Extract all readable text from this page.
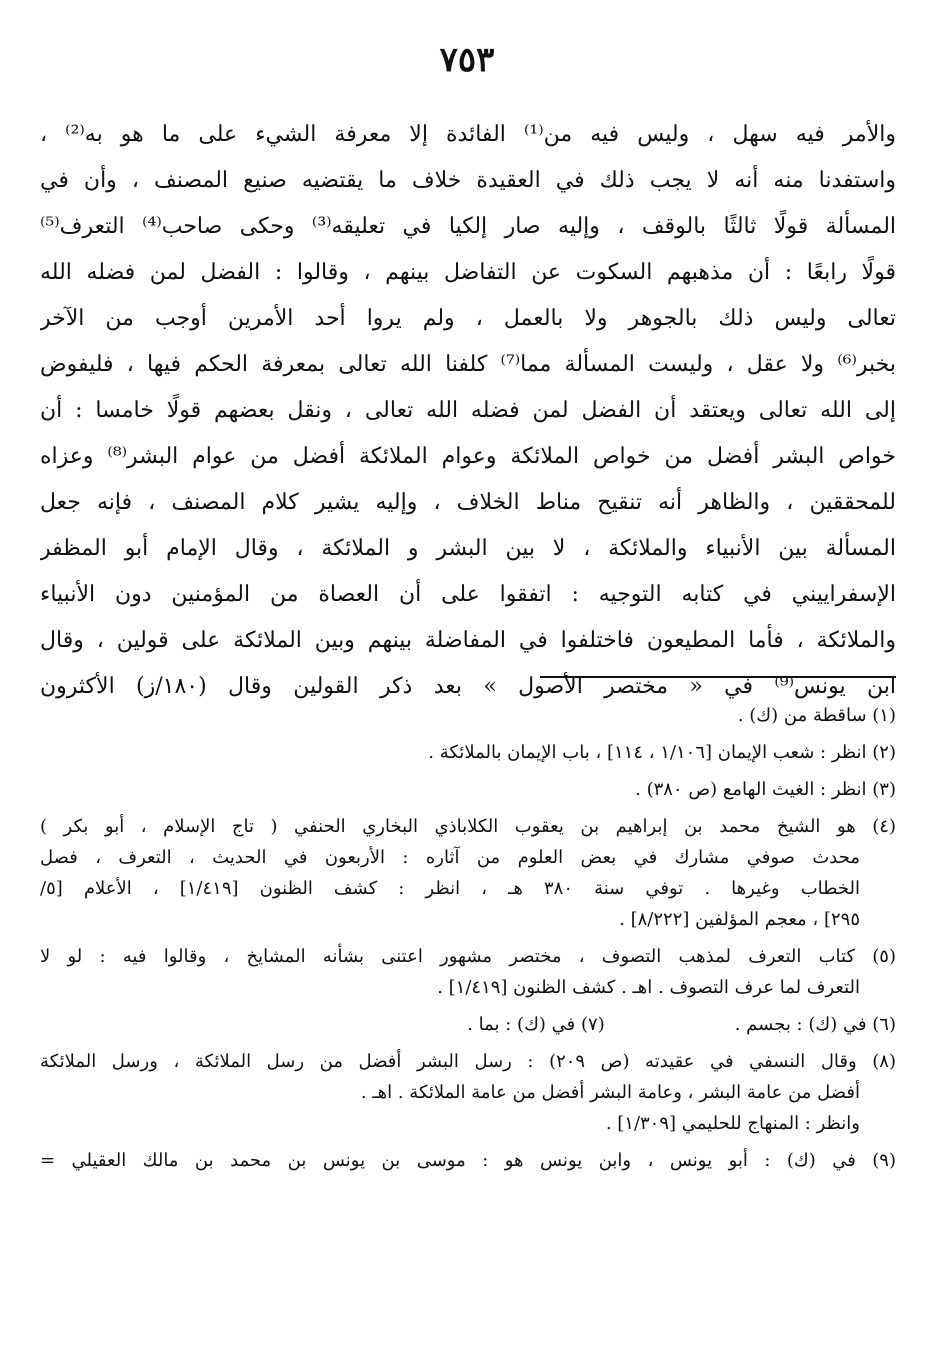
٧٥٣
والأمر فيه سهل ، وليس فيه من⁽¹⁾ الفائدة إلا معرفة الشيء على ما هو به⁽²⁾ ،
واستفدنا منه أنه لا يجب ذلك في العقيدة خلاف ما يقتضيه صنيع المصنف ، وأن في
المسألة قولًا ثالثًا بالوقف ، وإليه صار إلكيا في تعليقه⁽³⁾ وحكى صاحب⁽⁴⁾ التعرف⁽⁵⁾
قولًا رابعًا : أن مذهبهم السكوت عن التفاضل بينهم ، وقالوا : الفضل لمن فضله الله
تعالى وليس ذلك بالجوهر ولا بالعمل ، ولم يروا أحد الأمرين أوجب من الآخر
بخبر⁽⁶⁾ ولا عقل ، وليست المسألة مما⁽⁷⁾ كلفنا الله تعالى بمعرفة الحكم فيها ، فليفوض
إلى الله تعالى ويعتقد أن الفضل لمن فضله الله تعالى ، ونقل بعضهم قولًا خامسا : أن
خواص البشر أفضل من خواص الملائكة وعوام الملائكة أفضل من عوام البشر⁽⁸⁾ وعزاه
للمحققين ، والظاهر أنه تنقيح مناط الخلاف ، وإليه يشير كلام المصنف ، فإنه جعل
المسألة بين الأنبياء والملائكة ، لا بين البشر و الملائكة ، وقال الإمام أبو المظفر
الإسفراييني في كتابه التوجيه : اتفقوا على أن العصاة من المؤمنين دون الأنبياء
والملائكة ، فأما المطيعون فاختلفوا في المفاضلة بينهم وبين الملائكة على قولين ، وقال
ابن يونس⁽⁹⁾ في « مختصر الأصول » بعد ذكر القولين وقال (١٨٠/ز) الأكثرون
(١) ساقطة من (ك) .
(٢) انظر : شعب الإيمان [١/١٠٦ ، ١١٤] ، باب الإيمان بالملائكة .
(٣) انظر : الغيث الهامع (ص ٣٨٠) .
(٤) هو الشيخ محمد بن إبراهيم بن يعقوب الكلاباذي البخاري الحنفي ( تاج الإسلام ، أبو بكر )
محدث صوفي مشارك في بعض العلوم من آثاره : الأربعون في الحديث ، التعرف ، فصل
الخطاب وغيرها . توفي سنة ٣٨٠ هـ ، انظر : كشف الظنون [١/٤١٩] ، الأعلام [٥/
٢٩٥] ، معجم المؤلفين [٨/٢٢٢] .
(٥) كتاب التعرف لمذهب التصوف ، مختصر مشهور اعتنى بشأنه المشايخ ، وقالوا فيه : لو لا
التعرف لما عرف التصوف . اهـ . كشف الظنون [١/٤١٩] .
(٦) في (ك) : بجسم .
(٧) في (ك) : بما .
(٨) وقال النسفي في عقيدته (ص ٢٠٩) : رسل البشر أفضل من رسل الملائكة ، ورسل الملائكة
أفضل من عامة البشر ، وعامة البشر أفضل من عامة الملائكة . اهـ .
وانظر : المنهاج للحليمي [١/٣٠٩] .
(٩) في (ك) : أبو يونس ، وابن يونس هو : موسى بن يونس بن محمد بن مالك العقيلي =
